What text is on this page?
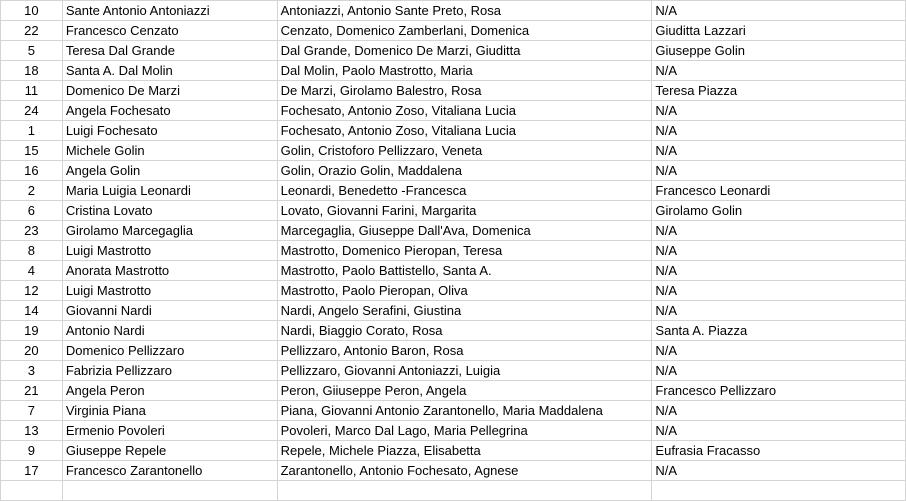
10	Sante Antonio Antoniazzi	Antoniazzi, Antonio Sante Preto, Rosa	N/A
22	Francesco Cenzato	Cenzato, Domenico Zamberlani, Domenica	Giuditta Lazzari
5	Teresa Dal Grande	Dal Grande, Domenico De Marzi, Giuditta	Giuseppe Golin
18	Santa A. Dal Molin	Dal Molin, Paolo Mastrotto, Maria	N/A
11	Domenico De Marzi	De Marzi, Girolamo Balestro, Rosa	Teresa Piazza
24	Angela Fochesato	Fochesato, Antonio Zoso, Vitaliana Lucia	N/A
1	Luigi Fochesato	Fochesato, Antonio Zoso, Vitaliana Lucia	N/A
15	Michele Golin	Golin, Cristoforo Pellizzaro, Veneta	N/A
16	Angela Golin	Golin, Orazio Golin, Maddalena	N/A
2	Maria Luigia Leonardi	Leonardi, Benedetto -Francesca	Francesco Leonardi
6	Cristina Lovato	Lovato, Giovanni Farini, Margarita	Girolamo Golin
23	Girolamo Marcegaglia	Marcegaglia, Giuseppe Dall'Ava, Domenica	N/A
8	Luigi Mastrotto	Mastrotto, Domenico Pieropan, Teresa	N/A
4	Anorata Mastrotto	Mastrotto, Paolo Battistello, Santa A.	N/A
12	Luigi Mastrotto	Mastrotto, Paolo Pieropan, Oliva	N/A
14	Giovanni Nardi	Nardi, Angelo Serafini, Giustina	N/A
19	Antonio Nardi	Nardi, Biaggio Corato, Rosa	Santa A. Piazza
20	Domenico Pellizzaro	Pellizzaro, Antonio Baron, Rosa	N/A
3	Fabrizia Pellizzaro	Pellizzaro, Giovanni Antoniazzi, Luigia	N/A
21	Angela Peron	Peron, Giiuseppe Peron, Angela	Francesco Pellizzaro
7	Virginia Piana	Piana, Giovanni Antonio Zarantonello, Maria Maddalena	N/A
13	Ermenio Povoleri	Povoleri, Marco Dal Lago, Maria Pellegrina	N/A
9	Giuseppe Repele	Repele, Michele Piazza, Elisabetta	Eufrasia Fracasso
17	Francesco Zarantonello	Zarantonello, Antonio Fochesato, Agnese	N/A
